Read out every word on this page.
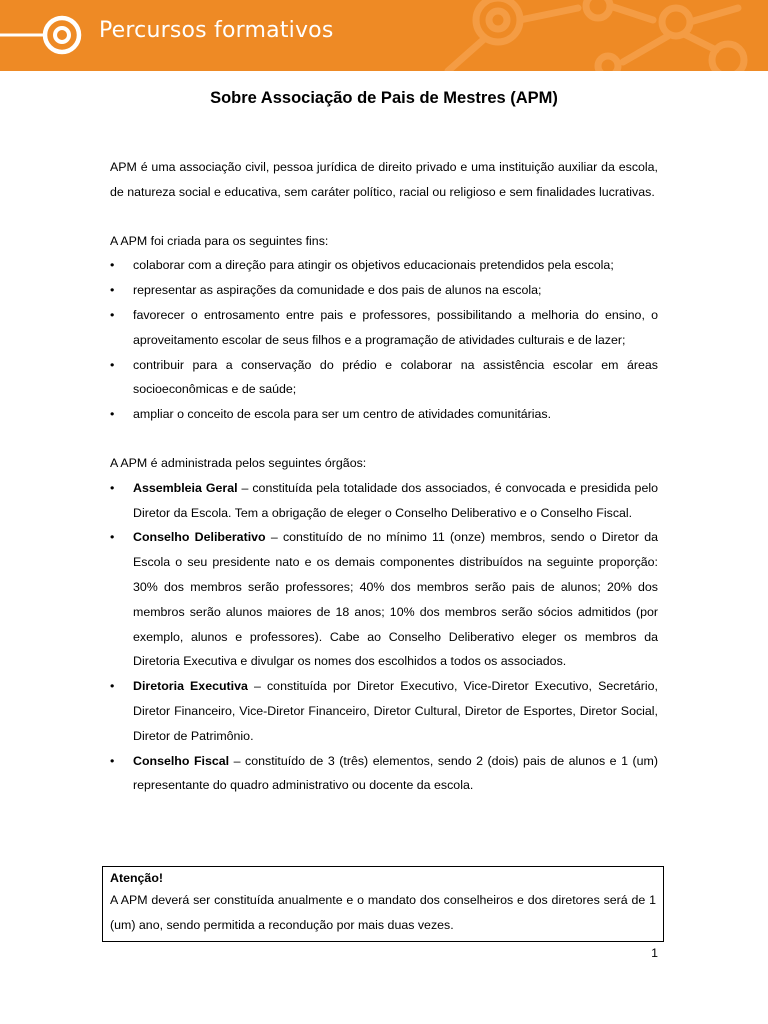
Percursos formativos
Sobre Associação de Pais de Mestres (APM)

APM é uma associação civil, pessoa jurídica de direito privado e uma instituição auxiliar da escola, de natureza social e educativa, sem caráter político, racial ou religioso e sem finalidades lucrativas.

A APM foi criada para os seguintes fins:

•	colaborar com a direção para atingir os objetivos educacionais pretendidos pela escola;
•	representar as aspirações da comunidade e dos pais de alunos na escola;
•	favorecer o entrosamento entre pais e professores, possibilitando a melhoria do ensino, o aproveitamento escolar de seus filhos e a programação de atividades culturais e de lazer;
•	contribuir para a conservação do prédio e colaborar na assistência escolar em áreas socioeconômicas e de saúde;
•	ampliar o conceito de escola para ser um centro de atividades comunitárias.

A APM é administrada pelos seguintes órgãos:

•	Assembleia Geral – constituída pela totalidade dos associados, é convocada e presidida pelo Diretor da Escola. Tem a obrigação de eleger o Conselho Deliberativo e o Conselho Fiscal.
•	Conselho Deliberativo – constituído de no mínimo 11 (onze) membros, sendo o Diretor da Escola o seu presidente nato e os demais componentes distribuídos na seguinte proporção: 30% dos membros serão professores; 40% dos membros serão pais de alunos; 20% dos membros serão alunos maiores de 18 anos; 10% dos membros serão sócios admitidos (por exemplo, alunos e professores). Cabe ao Conselho Deliberativo eleger os membros da Diretoria Executiva e divulgar os nomes dos escolhidos a todos os associados.
•	Diretoria Executiva – constituída por Diretor Executivo, Vice-Diretor Executivo, Secretário, Diretor Financeiro, Vice-Diretor Financeiro, Diretor Cultural, Diretor de Esportes, Diretor Social, Diretor de Patrimônio.
•	Conselho Fiscal – constituído de 3 (três) elementos, sendo 2 (dois) pais de alunos e 1 (um) representante do quadro administrativo ou docente da escola.
Atenção!

A APM deverá ser constituída anualmente e o mandato dos conselheiros e dos diretores será de 1 (um) ano, sendo permitida a recondução por mais duas vezes.

1
